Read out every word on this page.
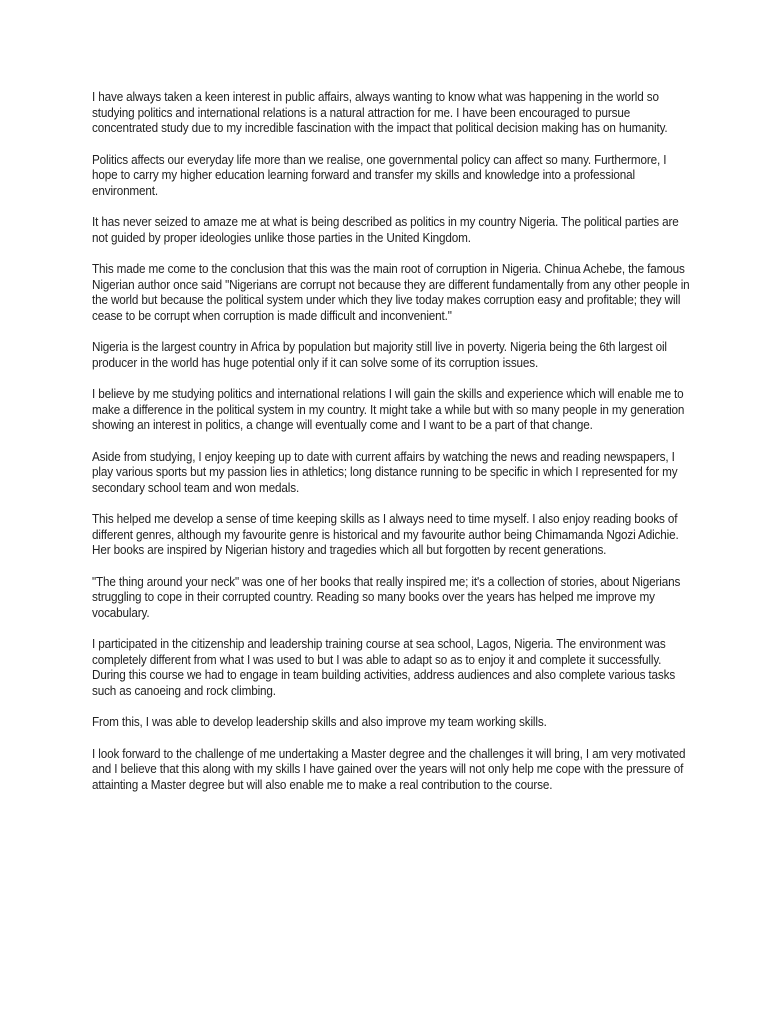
I have always taken a keen interest in public affairs, always wanting to know what was happening in the world so studying politics and international relations is a natural attraction for me. I have been encouraged to pursue concentrated study due to my incredible fascination with the impact that political decision making has on humanity.

Politics affects our everyday life more than we realise, one governmental policy can affect so many. Furthermore, I hope to carry my higher education learning forward and transfer my skills and knowledge into a professional environment.

It has never seized to amaze me at what is being described as politics in my country Nigeria. The political parties are not guided by proper ideologies unlike those parties in the United Kingdom.

This made me come to the conclusion that this was the main root of corruption in Nigeria. Chinua Achebe, the famous Nigerian author once said "Nigerians are corrupt not because they are different fundamentally from any other people in the world but because the political system under which they live today makes corruption easy and profitable; they will cease to be corrupt when corruption is made difficult and inconvenient."

Nigeria is the largest country in Africa by population but majority still live in poverty. Nigeria being the 6th largest oil producer in the world has huge potential only if it can solve some of its corruption issues.

I believe by me studying politics and international relations I will gain the skills and experience which will enable me to make a difference in the political system in my country. It might take a while but with so many people in my generation showing an interest in politics, a change will eventually come and I want to be a part of that change.

Aside from studying, I enjoy keeping up to date with current affairs by watching the news and reading newspapers, I play various sports but my passion lies in athletics; long distance running to be specific in which I represented for my secondary school team and won medals.

This helped me develop a sense of time keeping skills as I always need to time myself. I also enjoy reading books of different genres, although my favourite genre is historical and my favourite author being Chimamanda Ngozi Adichie. Her books are inspired by Nigerian history and tragedies which all but forgotten by recent generations.

"The thing around your neck" was one of her books that really inspired me; it's a collection of stories, about Nigerians struggling to cope in their corrupted country. Reading so many books over the years has helped me improve my vocabulary.

I participated in the citizenship and leadership training course at sea school, Lagos, Nigeria. The environment was completely different from what I was used to but I was able to adapt so as to enjoy it and complete it successfully. During this course we had to engage in team building activities, address audiences and also complete various tasks such as canoeing and rock climbing.

From this, I was able to develop leadership skills and also improve my team working skills.

I look forward to the challenge of me undertaking a Master degree and the challenges it will bring, I am very motivated and I believe that this along with my skills I have gained over the years will not only help me cope with the pressure of attainting a Master degree but will also enable me to make a real contribution to the course.
